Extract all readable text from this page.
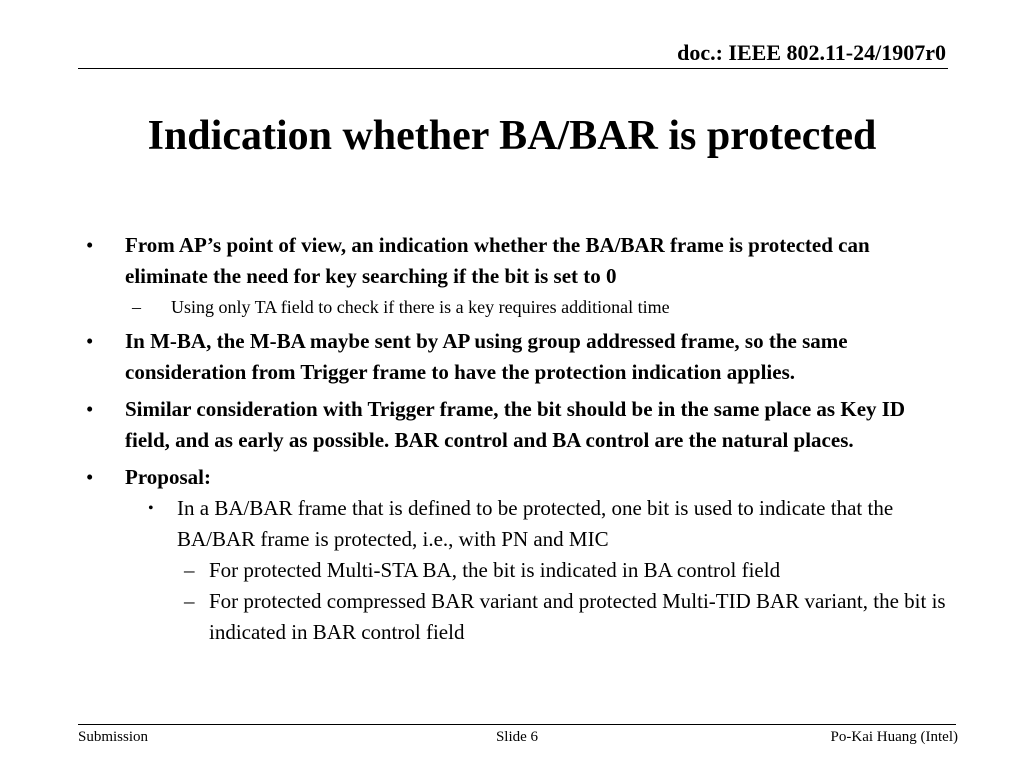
doc.: IEEE 802.11-24/1907r0
Indication whether BA/BAR is protected
• From AP’s point of view, an indication whether the BA/BAR frame is protected can eliminate the need for key searching if the bit is set to 0
– Using only TA field to check if there is a key requires additional time
• In M-BA, the M-BA maybe sent by AP using group addressed frame, so the same consideration from Trigger frame to have the protection indication applies.
• Similar consideration with Trigger frame, the bit should be in the same place as Key ID field, and as early as possible. BAR control and BA control are the natural places.
• Proposal:
• In a BA/BAR frame that is defined to be protected, one bit is used to indicate that the BA/BAR frame is protected, i.e., with PN and MIC
– For protected Multi-STA BA, the bit is indicated in BA control field
– For protected compressed BAR variant and protected Multi-TID BAR variant, the bit is indicated in BAR control field
Submission	Slide 6	Po-Kai Huang (Intel)
